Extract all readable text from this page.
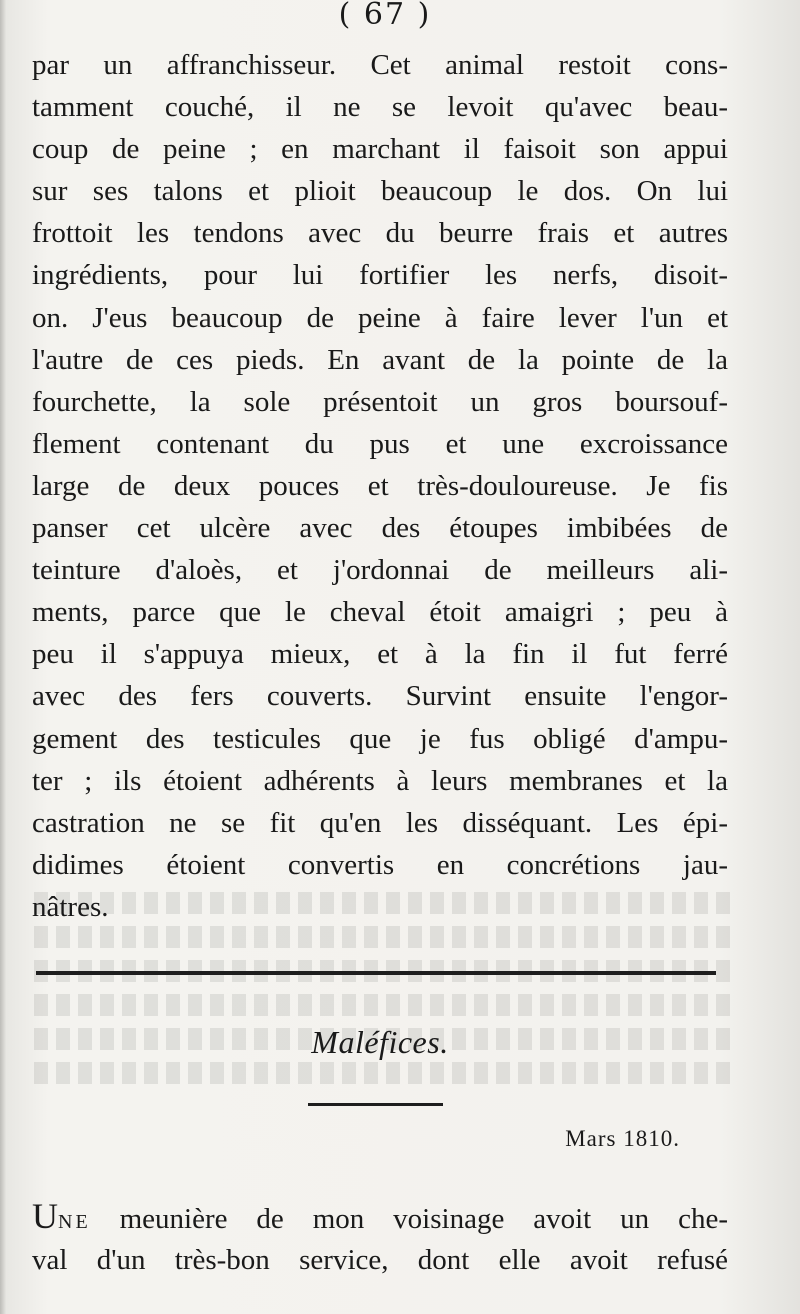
( 67 )
par un affranchisseur. Cet animal restoit cons-
tamment couché, il ne se levoit qu'avec beau-
coup de peine ; en marchant il faisoit son appui
sur ses talons et plioit beaucoup le dos. On lui
frottoit les tendons avec du beurre frais et autres
ingrédients, pour lui fortifier les nerfs, disoit-
on. J'eus beaucoup de peine à faire lever l'un et
l'autre de ces pieds. En avant de la pointe de la
fourchette, la sole présentoit un gros boursouf-
flement contenant du pus et une excroissance
large de deux pouces et très-douloureuse. Je fis
panser cet ulcère avec des étoupes imbibées de
teinture d'aloès, et j'ordonnai de meilleurs ali-
ments, parce que le cheval étoit amaigri ; peu à
peu il s'appuya mieux, et à la fin il fut ferré
avec des fers couverts. Survint ensuite l'engor-
gement des testicules que je fus obligé d'ampu-
ter ; ils étoient adhérents à leurs membranes et la
castration ne se fit qu'en les disséquant. Les épi-
didimes étoient convertis en concrétions jau-
nâtres.
Maléfices.
Mars 1810.
UNE meunière de mon voisinage avoit un che-
val d'un très-bon service, dont elle avoit refusé
